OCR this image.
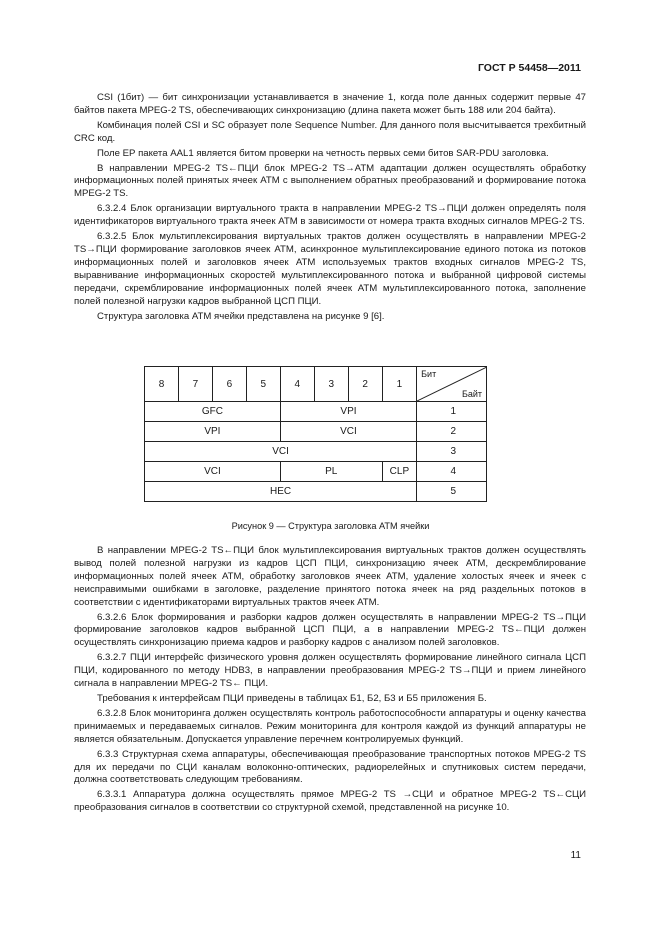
ГОСТ Р 54458—2011

CSI (1бит) — бит синхронизации устанавливается в значение 1, когда поле данных содержит первые 47 байтов пакета MPEG-2 TS, обеспечивающих синхронизацию (длина пакета может быть 188 или 204 байта).

Комбинация полей CSI и SC образует поле Sequence Number. Для данного поля высчитывается трехбитный CRC код.

Поле ЕР пакета AAL1 является битом проверки на четность первых семи битов SAR-PDU заголовка.

В направлении MPEG-2 TS←ПЦИ блок MPEG-2 TS→АТМ адаптации должен осуществлять обработку информационных полей принятых ячеек АТМ с выполнением обратных преобразований и формирование потока MPEG-2 TS.

6.3.2.4 Блок организации виртуального тракта в направлении MPEG-2 TS→ПЦИ должен определять поля идентификаторов виртуального тракта ячеек АТМ в зависимости от номера тракта входных сигналов MPEG-2 TS.

6.3.2.5 Блок мультиплексирования виртуальных трактов должен осуществлять в направлении MPEG-2 TS→ПЦИ формирование заголовков ячеек АТМ, асинхронное мультиплексирование единого потока из потоков информационных полей и заголовков ячеек АТМ используемых трактов входных сигналов MPEG-2 TS, выравнивание информационных скоростей мультиплексированного потока и выбранной цифровой системы передачи, скремблирование информационных полей ячеек АТМ мультиплексированного потока, заполнение полей полезной нагрузки кадров выбранной ЦСП ПЦИ.

Структура заголовка АТМ ячейки представлена на рисунке 9 [6].

8	7	6	5	4	3	2	1	Бит
Байт

GFC				VPI				1
VPI				VCI				2
VCI								3
VCI				PL			CLP	4
HEC								5
Рисунок 9 — Структура заголовка АТМ ячейки

В направлении MPEG-2 TS←ПЦИ блок мультиплексирования виртуальных трактов должен осуществлять вывод полей полезной нагрузки из кадров ЦСП ПЦИ, синхронизацию ячеек АТМ, дескремблирование информационных полей ячеек АТМ, обработку заголовков ячеек АТМ, удаление холостых ячеек и ячеек с неисправимыми ошибками в заголовке, разделение принятого потока ячеек на ряд раздельных потоков в соответствии с идентификаторами виртуальных трактов ячеек АТМ.

6.3.2.6 Блок формирования и разборки кадров должен осуществлять в направлении MPEG-2 TS→ПЦИ формирование заголовков кадров выбранной ЦСП ПЦИ, а в направлении MPEG-2 TS←ПЦИ должен осуществлять синхронизацию приема кадров и разборку кадров с анализом полей заголовков.

6.3.2.7 ПЦИ интерфейс физического уровня должен осуществлять формирование линейного сигнала ЦСП ПЦИ, кодированного по методу HDB3, в направлении преобразования MPEG-2 TS→ПЦИ и прием линейного сигнала в направлении MPEG-2 TS← ПЦИ.

Требования к интерфейсам ПЦИ приведены в таблицах Б1, Б2, Б3 и Б5 приложения Б.

6.3.2.8 Блок мониторинга должен осуществлять контроль работоспособности аппаратуры и оценку качества принимаемых и передаваемых сигналов. Режим мониторинга для контроля каждой из функций аппаратуры не является обязательным. Допускается управление перечнем контролируемых функций.

6.3.3 Структурная схема аппаратуры, обеспечивающая преобразование транспортных потоков MPEG-2 TS для их передачи по СЦИ каналам волоконно-оптических, радиорелейных и спутниковых систем передачи, должна соответствовать следующим требованиям.

6.3.3.1 Аппаратура должна осуществлять прямое MPEG-2 TS →СЦИ и обратное MPEG-2 TS←СЦИ преобразования сигналов в соответствии со структурной схемой, представленной на рисунке 10.

11
